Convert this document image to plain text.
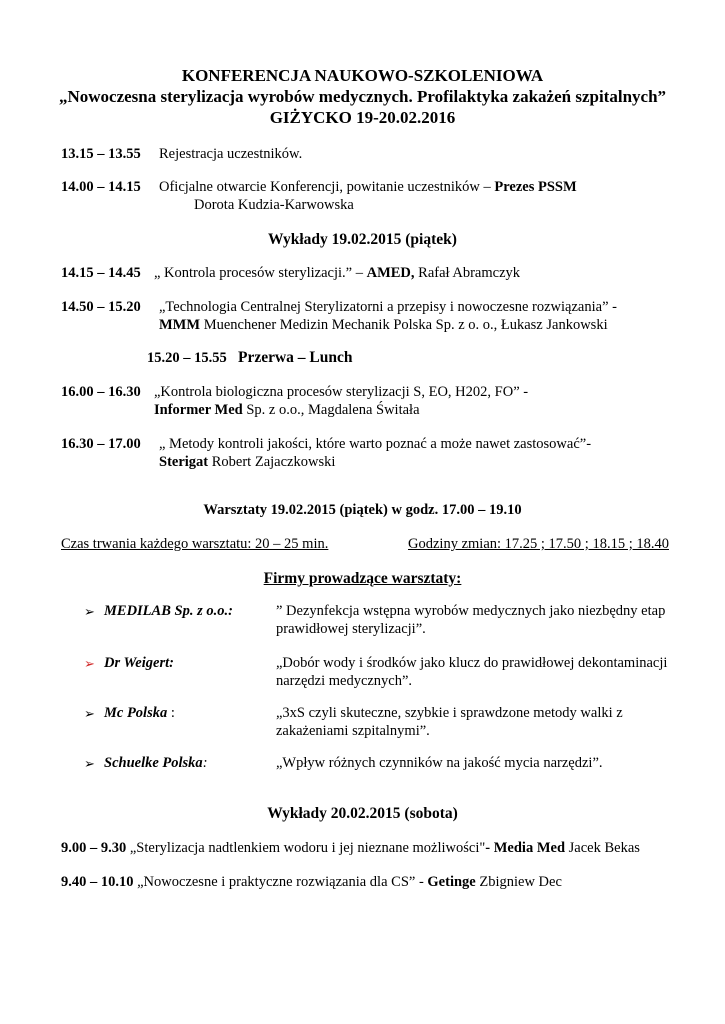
KONFERENCJA NAUKOWO-SZKOLENIOWA
„Nowoczesna sterylizacja wyrobów medycznych. Profilaktyka zakażeń szpitalnych”
GIŻYCKO 19-20.02.2016
13.15 – 13.55 Rejestracja uczestników.
14.00 – 14.15 Oficjalne otwarcie Konferencji, powitanie uczestników – Prezes PSSM
Dorota Kudzia-Karwowska
Wykłady 19.02.2015 (piątek)
14.15 – 14.45 „ Kontrola procesów sterylizacji.” – AMED, Rafał Abramczyk
14.50 – 15.20 „Technologia Centralnej Sterylizatorni a przepisy i nowoczesne rozwiązania” -
MMM Muenchener Medizin Mechanik Polska Sp. z o. o., Łukasz Jankowski
15.20 – 15.55 Przerwa – Lunch
16.00 – 16.30 „Kontrola biologiczna procesów sterylizacji S, EO, H202, FO” -
Informer Med Sp. z o.o., Magdalena Świtała
16.30 – 17.00 „ Metody kontroli jakości, które warto poznać a może nawet zastosować”-
Sterigat Robert Zajaczkowski
Warsztaty 19.02.2015 (piątek) w godz. 17.00 – 19.10
Czas trwania każdego warsztatu: 20 – 25 min.	Godziny zmian: 17.25 ; 17.50 ; 18.15 ; 18.40
Firmy prowadzące warsztaty:
➢ MEDILAB Sp. z o.o.:	” Dezynfekcja wstępna wyrobów medycznych jako niezbędny etap
prawidłowej sterylizacji”.
➢ Dr Weigert:	„Dobór wody i środków jako klucz do prawidłowej dekontaminacji
narzędzi medycznych”.
➢ Mc Polska :	„3xS czyli skuteczne, szybkie i sprawdzone metody walki z
zakażeniami szpitalnymi”.
➢ Schuelke Polska:	„Wpływ różnych czynników na jakość mycia narzędzi”.
Wykłady 20.02.2015 (sobota)
9.00 – 9.30 „Sterylizacja nadtlenkiem wodoru i jej nieznane możliwości"- Media Med Jacek Bekas
9.40 – 10.10 „Nowoczesne i praktyczne rozwiązania dla CS” - Getinge Zbigniew Dec
